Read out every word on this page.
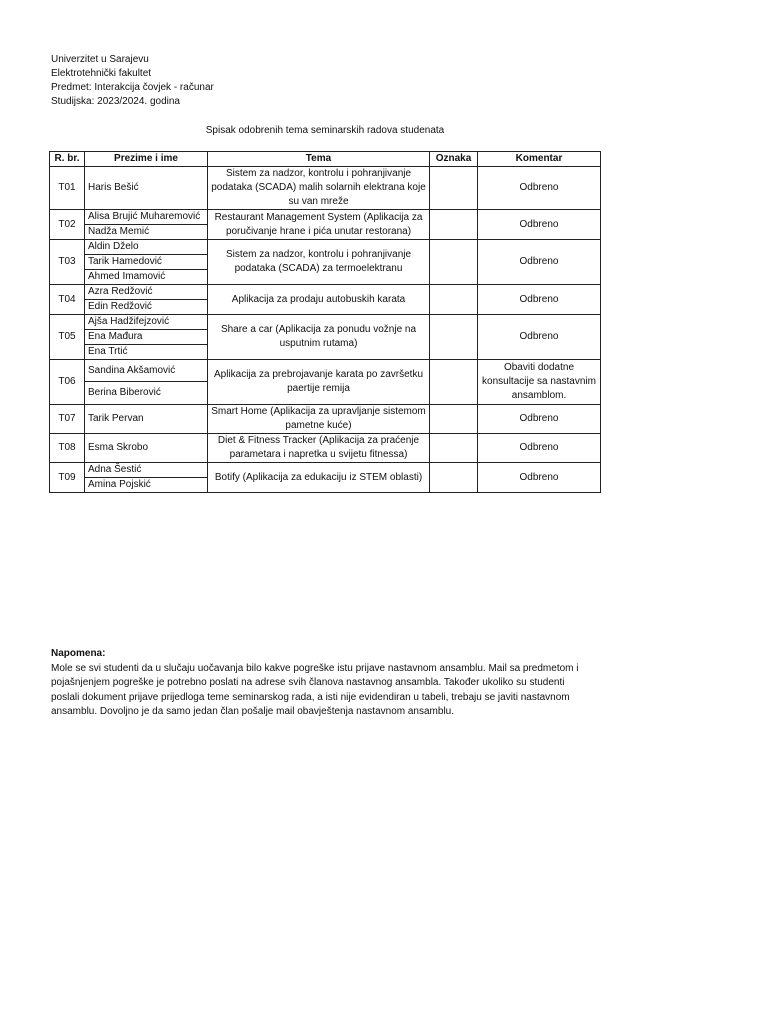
Univerzitet u Sarajevu
Elektrotehnički fakultet
Predmet: Interakcija čovjek - računar
Studijska: 2023/2024. godina
Spisak odobrenih tema seminarskih radova studenata
R. br.	Prezime i ime	Tema	Oznaka	Komentar
T01	Haris Bešić	Sistem za nadzor, kontrolu i pohranjivanje podataka (SCADA) malih solarnih elektrana koje su van mreže		Odbreno
T02	Alisa Brujić Muharemović	Restaurant Management System (Aplikacija za poručivanje hrane i pića unutar restorana)		Odbreno
	Nadža Memić			
T03	Aldin Dželo	Sistem za nadzor, kontrolu i pohranjivanje podataka (SCADA) za termoelektranu		Odbreno
	Tarik Hamedović			
	Ahmed Imamović			
T04	Azra Redžović	Aplikacija za prodaju autobuskih karata		Odbreno
	Edin Redžović			
T05	Ajša Hadžifejzović	Share a car (Aplikacija za ponudu vožnje na usputnim rutama)		Odbreno
	Ena Mađura			
	Ena Trtić			
T06	Sandina Akšamović	Aplikacija za prebrojavanje karata po završetku paertije remija		Obaviti dodatne konsultacije sa nastavnim ansamblom.
	Berina Biberović			
T07	Tarik Pervan	Smart Home (Aplikacija za upravljanje sistemom pametne kuće)		Odbreno
T08	Esma Skrobo	Diet & Fitness Tracker (Aplikacija za praćenje parametara i napretka u svijetu fitnessa)		Odbreno
T09	Adna Šestić	Botify (Aplikacija za edukaciju iz STEM oblasti)		Odbreno
	Amina Pojskić			
Napomena:
Mole se svi studenti da u slučaju uočavanja bilo kakve pogreške istu prijave nastavnom ansamblu. Mail sa predmetom i pojašnjenjem pogreške je potrebno poslati na adrese svih članova nastavnog ansambla. Također ukoliko su studenti poslali dokument prijave prijedloga teme seminarskog rada, a isti nije evidendiran u tabeli, trebaju se javiti nastavnom ansamblu. Dovoljno je da samo jedan član pošalje mail obavještenja nastavnom ansamblu.
